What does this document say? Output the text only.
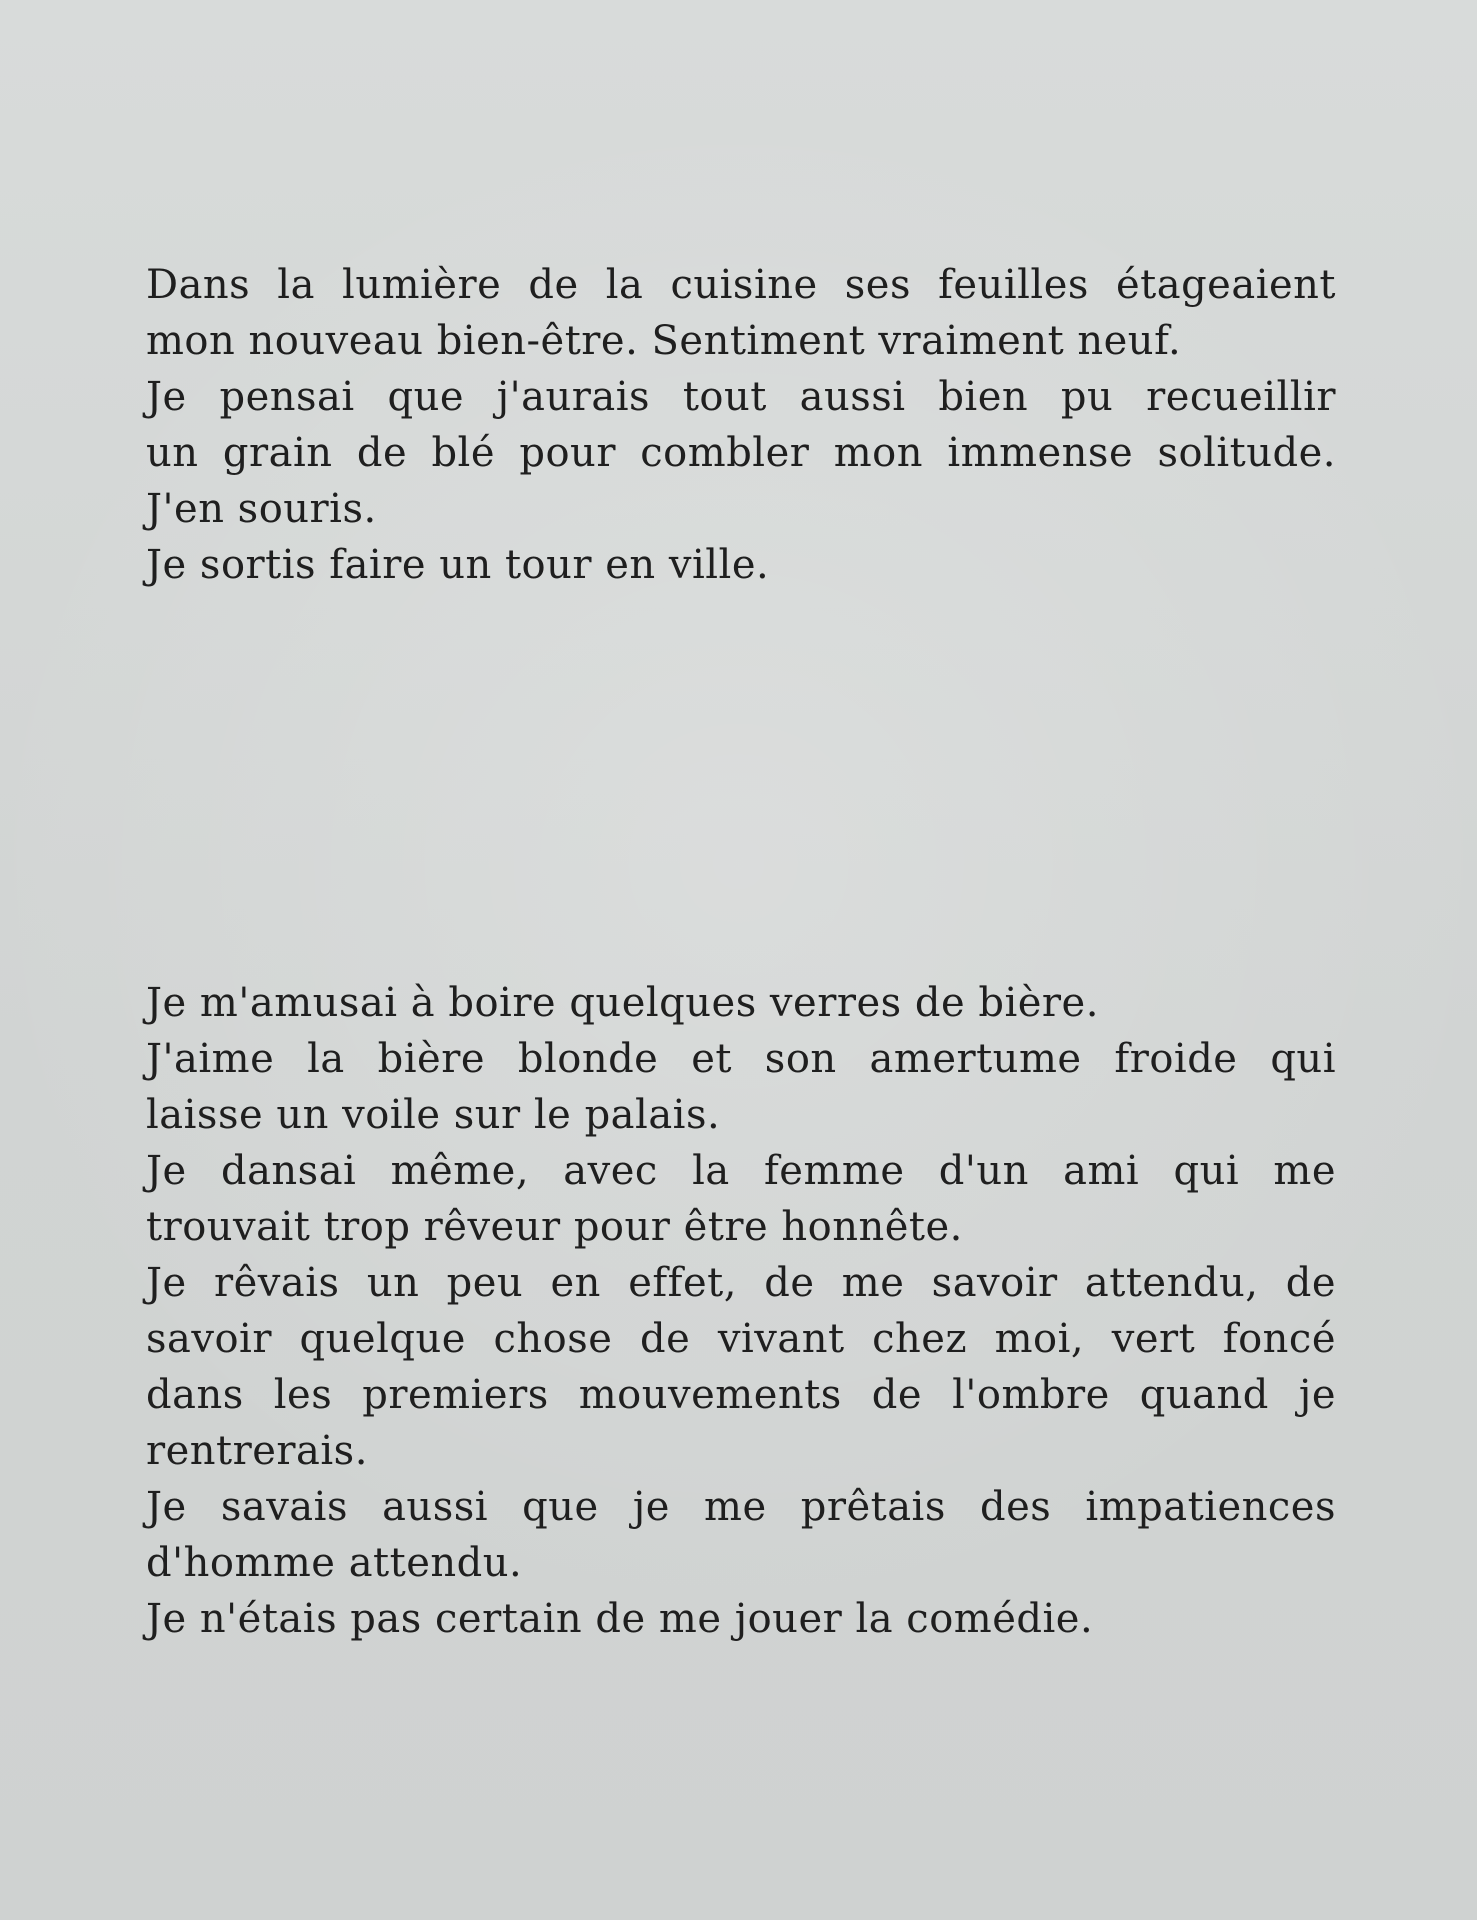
Dans la lumière de la cuisine ses feuilles étageaient
mon nouveau bien-être. Sentiment vraiment neuf.
Je pensai que j'aurais tout aussi bien pu recueillir
un grain de blé pour combler mon immense solitude.
J'en souris.
Je sortis faire un tour en ville.
Je m'amusai à boire quelques verres de bière.
J'aime la bière blonde et son amertume froide qui
laisse un voile sur le palais.
Je dansai même, avec la femme d'un ami qui me
trouvait trop rêveur pour être honnête.
Je rêvais un peu en effet, de me savoir attendu, de
savoir quelque chose de vivant chez moi, vert foncé
dans les premiers mouvements de l'ombre quand je
rentrerais.
Je savais aussi que je me prêtais des impatiences
d'homme attendu.
Je n'étais pas certain de me jouer la comédie.
